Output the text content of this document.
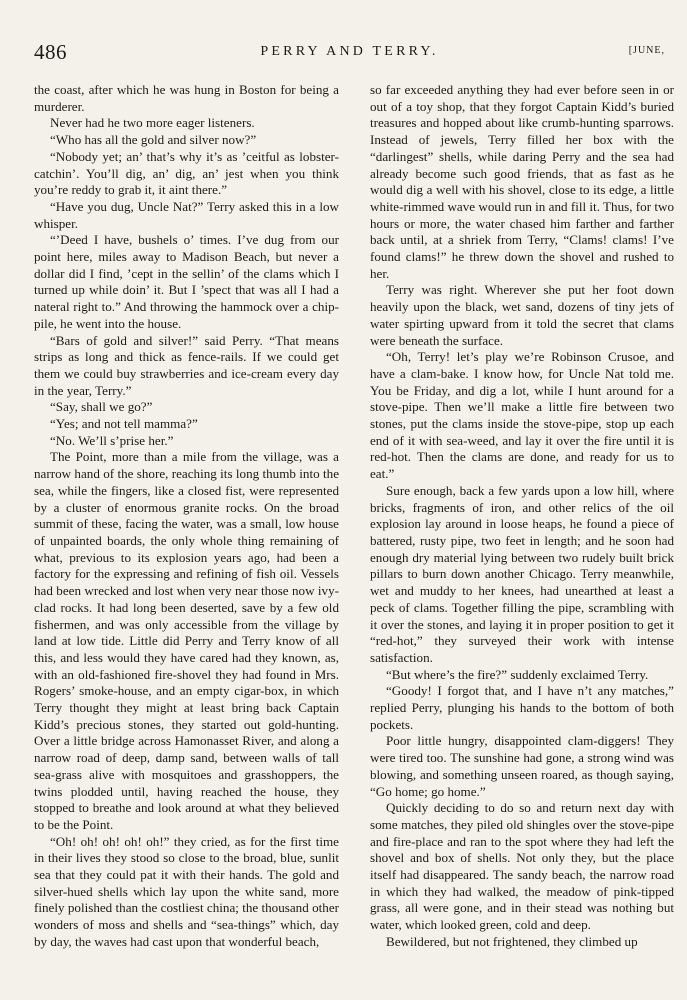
486	PERRY AND TERRY.	[JUNE,

the coast, after which he was hung in Boston for being a murderer.

Never had he two more eager listeners.

“Who has all the gold and silver now?”

“Nobody yet; an’ that’s why it’s as ’ceitful as lobster-catchin’. You’ll dig, an’ dig, an’ jest when you think you’re reddy to grab it, it aint there.”

“Have you dug, Uncle Nat?” Terry asked this in a low whisper.

“’Deed I have, bushels o’ times. I’ve dug from our point here, miles away to Madison Beach, but never a dollar did I find, ’cept in the sellin’ of the clams which I turned up while doin’ it. But I ’spect that was all I had a nateral right to.” And throwing the hammock over a chip-pile, he went into the house.

“Bars of gold and silver!” said Perry. “That means strips as long and thick as fence-rails. If we could get them we could buy strawberries and ice-cream every day in the year, Terry.”

“Say, shall we go?”

“Yes; and not tell mamma?”

“No. We’ll s’prise her.”

The Point, more than a mile from the village, was a narrow hand of the shore, reaching its long thumb into the sea, while the fingers, like a closed fist, were represented by a cluster of enormous granite rocks. On the broad summit of these, facing the water, was a small, low house of unpainted boards, the only whole thing remaining of what, previous to its explosion years ago, had been a factory for the expressing and refining of fish oil. Vessels had been wrecked and lost when very near those now ivy-clad rocks. It had long been deserted, save by a few old fishermen, and was only accessible from the village by land at low tide. Little did Perry and Terry know of all this, and less would they have cared had they known, as, with an old-fashioned fire-shovel they had found in Mrs. Rogers’ smoke-house, and an empty cigar-box, in which Terry thought they might at least bring back Captain Kidd’s precious stones, they started out gold-hunting. Over a little bridge across Hamonasset River, and along a narrow road of deep, damp sand, between walls of tall sea-grass alive with mosquitoes and grasshoppers, the twins plodded until, having reached the house, they stopped to breathe and look around at what they believed to be the Point.

“Oh! oh! oh! oh! oh!” they cried, as for the first time in their lives they stood so close to the broad, blue, sunlit sea that they could pat it with their hands. The gold and silver-hued shells which lay upon the white sand, more finely polished than the costliest china; the thousand other wonders of moss and shells and “sea-things” which, day by day, the waves had cast upon that wonderful beach,

so far exceeded anything they had ever before seen in or out of a toy shop, that they forgot Captain Kidd’s buried treasures and hopped about like crumb-hunting sparrows. Instead of jewels, Terry filled her box with the “darlingest” shells, while daring Perry and the sea had already become such good friends, that as fast as he would dig a well with his shovel, close to its edge, a little white-rimmed wave would run in and fill it. Thus, for two hours or more, the water chased him farther and farther back until, at a shriek from Terry, “Clams! clams! I’ve found clams!” he threw down the shovel and rushed to her.

Terry was right. Wherever she put her foot down heavily upon the black, wet sand, dozens of tiny jets of water spirting upward from it told the secret that clams were beneath the surface.

“Oh, Terry! let’s play we’re Robinson Crusoe, and have a clam-bake. I know how, for Uncle Nat told me. You be Friday, and dig a lot, while I hunt around for a stove-pipe. Then we’ll make a little fire between two stones, put the clams inside the stove-pipe, stop up each end of it with sea-weed, and lay it over the fire until it is red-hot. Then the clams are done, and ready for us to eat.”

Sure enough, back a few yards upon a low hill, where bricks, fragments of iron, and other relics of the oil explosion lay around in loose heaps, he found a piece of battered, rusty pipe, two feet in length; and he soon had enough dry material lying between two rudely built brick pillars to burn down another Chicago. Terry meanwhile, wet and muddy to her knees, had unearthed at least a peck of clams. Together filling the pipe, scrambling with it over the stones, and laying it in proper position to get it “red-hot,” they surveyed their work with intense satisfaction.

“But where’s the fire?” suddenly exclaimed Terry.

“Goody! I forgot that, and I have n’t any matches,” replied Perry, plunging his hands to the bottom of both pockets.

Poor little hungry, disappointed clam-diggers! They were tired too. The sunshine had gone, a strong wind was blowing, and something unseen roared, as though saying, “Go home; go home.”

Quickly deciding to do so and return next day with some matches, they piled old shingles over the stove-pipe and fire-place and ran to the spot where they had left the shovel and box of shells. Not only they, but the place itself had disappeared. The sandy beach, the narrow road in which they had walked, the meadow of pink-tipped grass, all were gone, and in their stead was nothing but water, which looked green, cold and deep.

Bewildered, but not frightened, they climbed up
